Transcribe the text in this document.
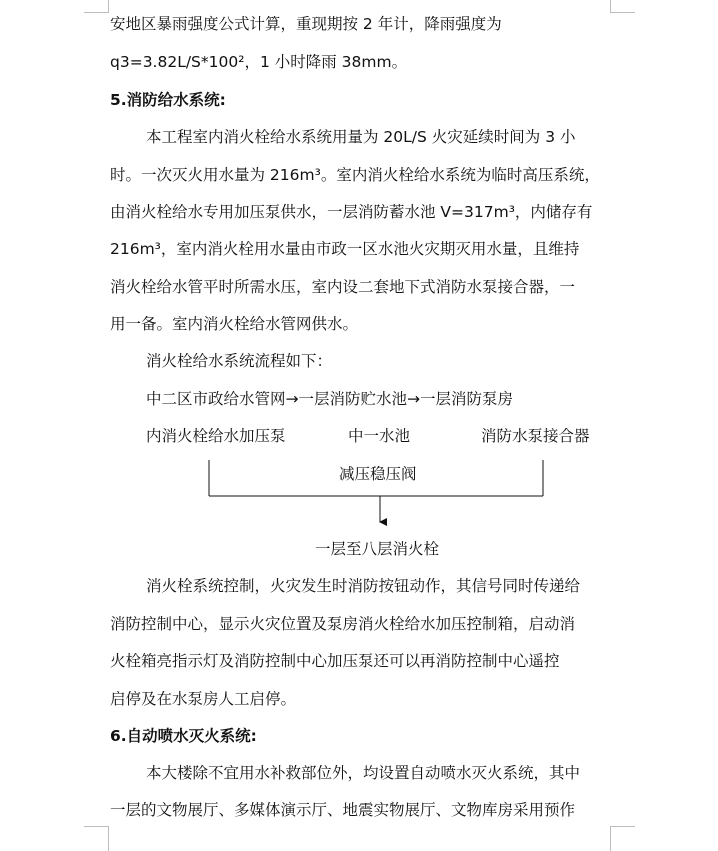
安地区暴雨强度公式计算，重现期按 2 年计，降雨强度为
q3=3.82L/S*100²，1 小时降雨 38mm。
5.消防给水系统:
本工程室内消火栓给水系统用量为 20L/S 火灾延续时间为 3 小
时。一次灭火用水量为 216m³。室内消火栓给水系统为临时高压系统，
由消火栓给水专用加压泵供水，一层消防蓄水池 V=317m³，内储存有
216m³，室内消火栓用水量由市政一区水池火灾期灭用水量，且维持
消火栓给水管平时所需水压，室内设二套地下式消防水泵接合器，一
用一备。室内消火栓给水管网供水。
消火栓给水系统流程如下：
中二区市政给水管网→一层消防贮水池→一层消防泵房
内消火栓给水加压泵	中一水池	消防水泵接合器
减压稳压阀
一层至八层消火栓
消火栓系统控制，火灾发生时消防按钮动作，其信号同时传递给
消防控制中心，显示火灾位置及泵房消火栓给水加压控制箱，启动消
火栓箱亮指示灯及消防控制中心加压泵还可以再消防控制中心遥控
启停及在水泵房人工启停。
6.自动喷水灭火系统:
本大楼除不宜用水补救部位外，均设置自动喷水灭火系统，其中
一层的文物展厅、多媒体演示厅、地震实物展厅、文物库房采用预作
